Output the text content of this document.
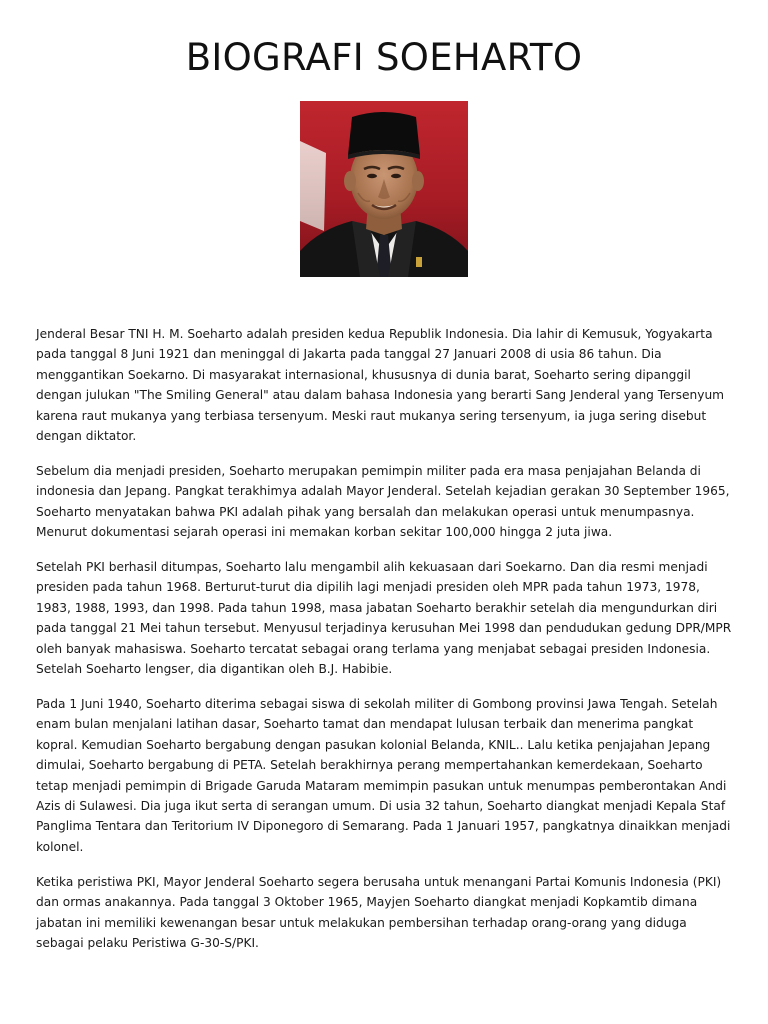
BIOGRAFI SOEHARTO

Jenderal Besar TNI H. M. Soeharto adalah presiden kedua Republik Indonesia. Dia lahir di Kemusuk, Yogyakarta pada tanggal 8 Juni 1921 dan meninggal di Jakarta pada tanggal 27 Januari 2008 di usia 86 tahun. Dia menggantikan Soekarno. Di masyarakat internasional, khususnya di dunia barat, Soeharto sering dipanggil dengan julukan "The Smiling General" atau dalam bahasa Indonesia yang berarti Sang Jenderal yang Tersenyum karena raut mukanya yang terbiasa tersenyum. Meski raut mukanya sering tersenyum, ia juga sering disebut dengan diktator.

Sebelum dia menjadi presiden, Soeharto merupakan pemimpin militer pada era masa penjajahan Belanda di indonesia dan Jepang. Pangkat terakhimya adalah Mayor Jenderal. Setelah kejadian gerakan 30 September 1965, Soeharto menyatakan bahwa PKI adalah pihak yang bersalah dan melakukan operasi untuk menumpasnya. Menurut dokumentasi sejarah operasi ini memakan korban sekitar 100,000 hingga 2 juta jiwa.

Setelah PKI berhasil ditumpas, Soeharto lalu mengambil alih kekuasaan dari Soekarno. Dan dia resmi menjadi presiden pada tahun 1968. Berturut-turut dia dipilih lagi menjadi presiden oleh MPR pada tahun 1973, 1978, 1983, 1988, 1993, dan 1998. Pada tahun 1998, masa jabatan Soeharto berakhir setelah dia mengundurkan diri pada tanggal 21 Mei tahun tersebut. Menyusul terjadinya kerusuhan Mei 1998 dan pendudukan gedung DPR/MPR oleh banyak mahasiswa. Soeharto tercatat sebagai orang terlama yang menjabat sebagai presiden Indonesia. Setelah Soeharto lengser, dia digantikan oleh B.J. Habibie.

Pada 1 Juni 1940, Soeharto diterima sebagai siswa di sekolah militer di Gombong provinsi Jawa Tengah. Setelah enam bulan menjalani latihan dasar, Soeharto tamat dan mendapat lulusan terbaik dan menerima pangkat kopral. Kemudian Soeharto bergabung dengan pasukan kolonial Belanda, KNIL.. Lalu ketika penjajahan Jepang dimulai, Soeharto bergabung di PETA. Setelah berakhirnya perang mempertahankan kemerdekaan, Soeharto tetap menjadi pemimpin di Brigade Garuda Mataram memimpin pasukan untuk menumpas pemberontakan Andi Azis di Sulawesi. Dia juga ikut serta di serangan umum. Di usia 32 tahun, Soeharto diangkat menjadi Kepala Staf Panglima Tentara dan Teritorium IV Diponegoro di Semarang. Pada 1 Januari 1957, pangkatnya dinaikkan menjadi kolonel.

Ketika peristiwa PKI, Mayor Jenderal Soeharto segera berusaha untuk menangani Partai Komunis Indonesia (PKI) dan ormas anakannya. Pada tanggal 3 Oktober 1965, Mayjen Soeharto diangkat menjadi Kopkamtib dimana jabatan ini memiliki kewenangan besar untuk melakukan pembersihan terhadap orang-orang yang diduga sebagai pelaku Peristiwa G-30-S/PKI.
